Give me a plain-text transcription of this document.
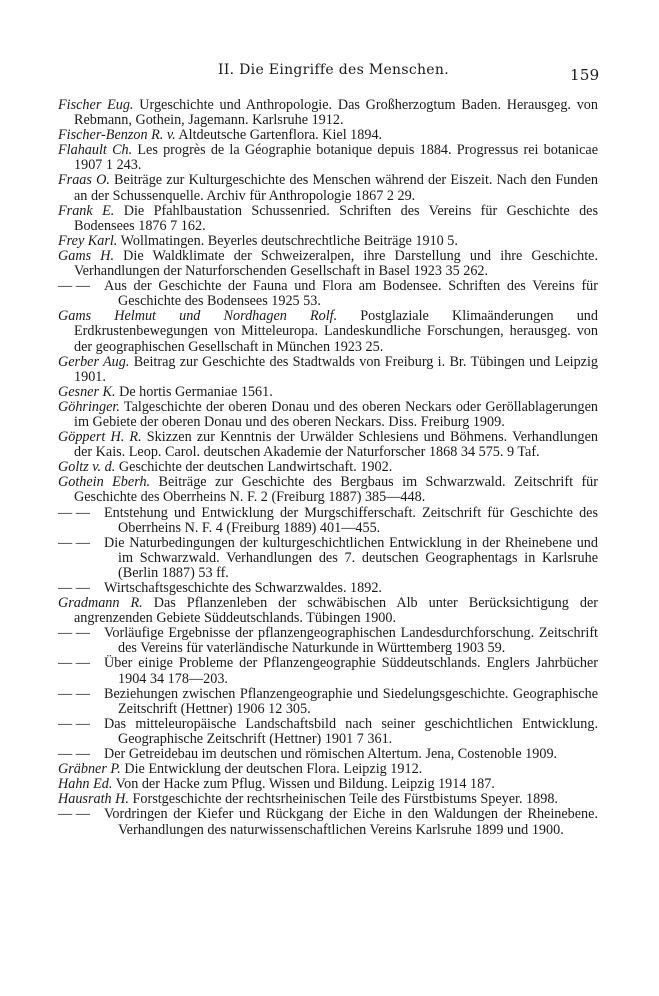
II. Die Eingriffe des Menschen.	159

Fischer Eug. Urgeschichte und Anthropologie. Das Großherzogtum Baden. Herausgeg. von Rebmann, Gothein, Jagemann. Karlsruhe 1912.

Fischer-Benzon R. v. Altdeutsche Gartenflora. Kiel 1894.

Flahault Ch. Les progrès de la Géographie botanique depuis 1884. Progressus rei botanicae 1907 1 243.

Fraas O. Beiträge zur Kulturgeschichte des Menschen während der Eiszeit. Nach den Funden an der Schussenquelle. Archiv für Anthropologie 1867 2 29.

Frank E. Die Pfahlbaustation Schussenried. Schriften des Vereins für Geschichte des Bodensees 1876 7 162.

Frey Karl. Wollmatingen. Beyerles deutschrechtliche Beiträge 1910 5.

Gams H. Die Waldklimate der Schweizeralpen, ihre Darstellung und ihre Geschichte. Verhandlungen der Naturforschenden Gesellschaft in Basel 1923 35 262.

— — Aus der Geschichte der Fauna und Flora am Bodensee. Schriften des Vereins für Geschichte des Bodensees 1925 53.

Gams Helmut und Nordhagen Rolf. Postglaziale Klimaänderungen und Erdkrustenbewegungen von Mitteleuropa. Landeskundliche Forschungen, herausgeg. von der geographischen Gesellschaft in München 1923 25.

Gerber Aug. Beitrag zur Geschichte des Stadtwalds von Freiburg i. Br. Tübingen und Leipzig 1901.

Gesner K. De hortis Germaniae 1561.

Göhringer. Talgeschichte der oberen Donau und des oberen Neckars oder Geröllablagerungen im Gebiete der oberen Donau und des oberen Neckars. Diss. Freiburg 1909.

Göppert H. R. Skizzen zur Kenntnis der Urwälder Schlesiens und Böhmens. Verhandlungen der Kais. Leop. Carol. deutschen Akademie der Naturforscher 1868 34 575. 9 Taf.

Goltz v. d. Geschichte der deutschen Landwirtschaft. 1902.

Gothein Eberh. Beiträge zur Geschichte des Bergbaus im Schwarzwald. Zeitschrift für Geschichte des Oberrheins N. F. 2 (Freiburg 1887) 385—448.

— — Entstehung und Entwicklung der Murgschifferschaft. Zeitschrift für Geschichte des Oberrheins N. F. 4 (Freiburg 1889) 401—455.

— — Die Naturbedingungen der kulturgeschichtlichen Entwicklung in der Rheinebene und im Schwarzwald. Verhandlungen des 7. deutschen Geographentags in Karlsruhe (Berlin 1887) 53 ff.

— — Wirtschaftsgeschichte des Schwarzwaldes. 1892.

Gradmann R. Das Pflanzenleben der schwäbischen Alb unter Berücksichtigung der angrenzenden Gebiete Süddeutschlands. Tübingen 1900.

— — Vorläufige Ergebnisse der pflanzengeographischen Landesdurchforschung. Zeitschrift des Vereins für vaterländische Naturkunde in Württemberg 1903 59.

— — Über einige Probleme der Pflanzengeographie Süddeutschlands. Englers Jahrbücher 1904 34 178—203.

— — Beziehungen zwischen Pflanzengeographie und Siedelungsgeschichte. Geographische Zeitschrift (Hettner) 1906 12 305.

— — Das mitteleuropäische Landschaftsbild nach seiner geschichtlichen Entwicklung. Geographische Zeitschrift (Hettner) 1901 7 361.

— — Der Getreidebau im deutschen und römischen Altertum. Jena, Costenoble 1909.

Gräbner P. Die Entwicklung der deutschen Flora. Leipzig 1912.

Hahn Ed. Von der Hacke zum Pflug. Wissen und Bildung. Leipzig 1914 187.

Hausrath H. Forstgeschichte der rechtsrheinischen Teile des Fürstbistums Speyer. 1898.

— — Vordringen der Kiefer und Rückgang der Eiche in den Waldungen der Rheinebene. Verhandlungen des naturwissenschaftlichen Vereins Karlsruhe 1899 und 1900.
